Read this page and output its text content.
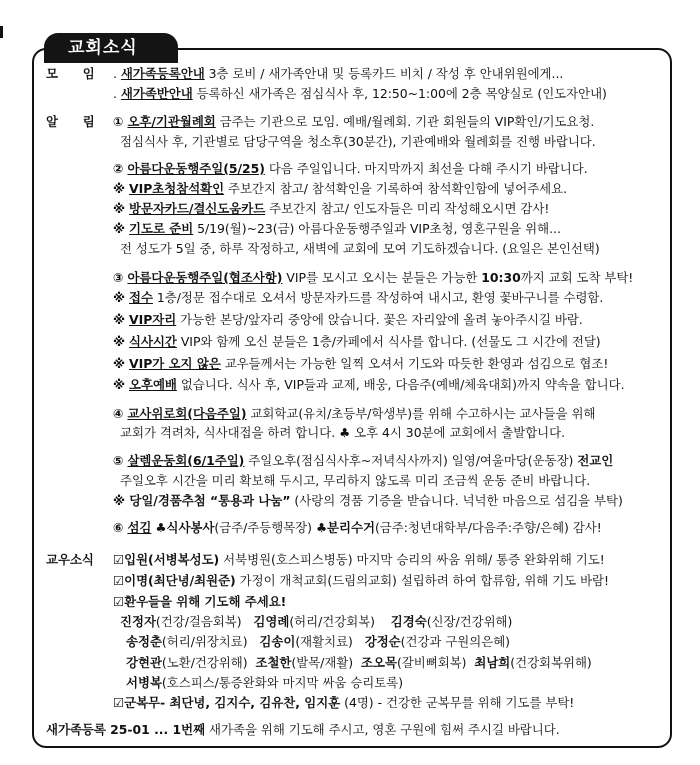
교회소식
모　　임 . 새가족등록안내 3층 로비 / 새가족안내 및 등록카드 비치 / 작성 후 안내위원에게...
. 새가족반안내 등록하신 새가족은 점심식사 후, 12:50~1:00에 2층 목양실로 (인도자안내)
알　　림 ① 오후/기관월례회 금주는 기관으로 모임. 예배/월례회. 기관 회원들의 VIP확인/기도요청.
점심식사 후, 기관별로 담당구역을 청소후(30분간), 기관예배와 월례회를 진행 바랍니다.
② 아름다운동행주일(5/25) 다음 주일입니다. 마지막까지 최선을 다해 주시기 바랍니다.
※ VIP초청참석확인 주보간지 참고/ 참석확인을 기록하여 참석확인함에 넣어주세요.
※ 방문자카드/결신도움카드 주보간지 참고/ 인도자들은 미리 작성해오시면 감사!
※ 기도로 준비 5/19(월)~23(금) 아름다운동행주일과 VIP초청, 영혼구원을 위해...
전 성도가 5일 중, 하루 작정하고, 새벽에 교회에 모여 기도하겠습니다. (요일은 본인선택)
③ 아름다운동행주일(협조사항) VIP를 모시고 오시는 분들은 가능한 10:30까지 교회 도착 부탁!
※ 접수 1층/정문 접수대로 오셔서 방문자카드를 작성하여 내시고, 환영 꽃바구니를 수령함.
※ VIP자리 가능한 본당/앞자리 중앙에 앉습니다. 꽃은 자리앞에 올려 놓아주시길 바람.
※ 식사시간 VIP와 함께 오신 분들은 1층/카페에서 식사를 합니다. (선물도 그 시간에 전달)
※ VIP가 오지 않은 교우들께서는 가능한 일찍 오셔서 기도와 따듯한 환영과 섬김으로 협조!
※ 오후예배 없습니다. 식사 후, VIP들과 교제, 배웅, 다음주(예배/체육대회)까지 약속을 합니다.
④ 교사위로회(다음주일) 교회학교(유치/초등부/학생부)를 위해 수고하시는 교사들을 위해
교회가 격려차, 식사대접을 하려 합니다. ♣ 오후 4시 30분에 교회에서 출발합니다.
⑤ 살렘운동회(6/1주일) 주일오후(점심식사후~저녁식사까지) 일영/여울마당(운동장) 전교인
주일오후 시간을 미리 확보해 두시고, 무리하지 않도록 미리 조금씩 운동 준비 바랍니다.
※ 당일/경품추첨 “통용과 나눔” (사랑의 경품 기증을 받습니다. 넉넉한 마음으로 섬김을 부탁)
⑥ 섬김 ♣식사봉사(금주/주등행목장) ♣분리수거(금주:청년대학부/다음주:주향/은혜) 감사!
교우소식 ☑입원(서병복성도) 서북병원(호스피스병동) 마지막 승리의 싸움 위해/ 통증 완화위해 기도!
☑이명(최단녕/최원준) 가정이 개척교회(드림의교회) 설립하려 하여 합류함, 위해 기도 바람!
☑환우들을 위해 기도해 주세요!
진정자(건강/걸음회복) 김영례(허리/건강회복) 김경숙(신장/건강위해)
송정춘(허리/위장치료) 김송이(재활치료) 강정순(건강과 구원의은혜)
강현관(노환/건강위해) 조철한(발목/재활) 조오목(갈비뼈회복) 최남희(건강회복위해)
서병복(호스피스/통증완화와 마지막 싸움 승리토록)
☑군복무- 최단녕, 김지수, 김유찬, 임지훈 (4명) - 건강한 군복무를 위해 기도를 부탁!
새가족등록 25-01 ... 1번째 새가족을 위해 기도해 주시고, 영혼 구원에 힘써 주시길 바랍니다.
